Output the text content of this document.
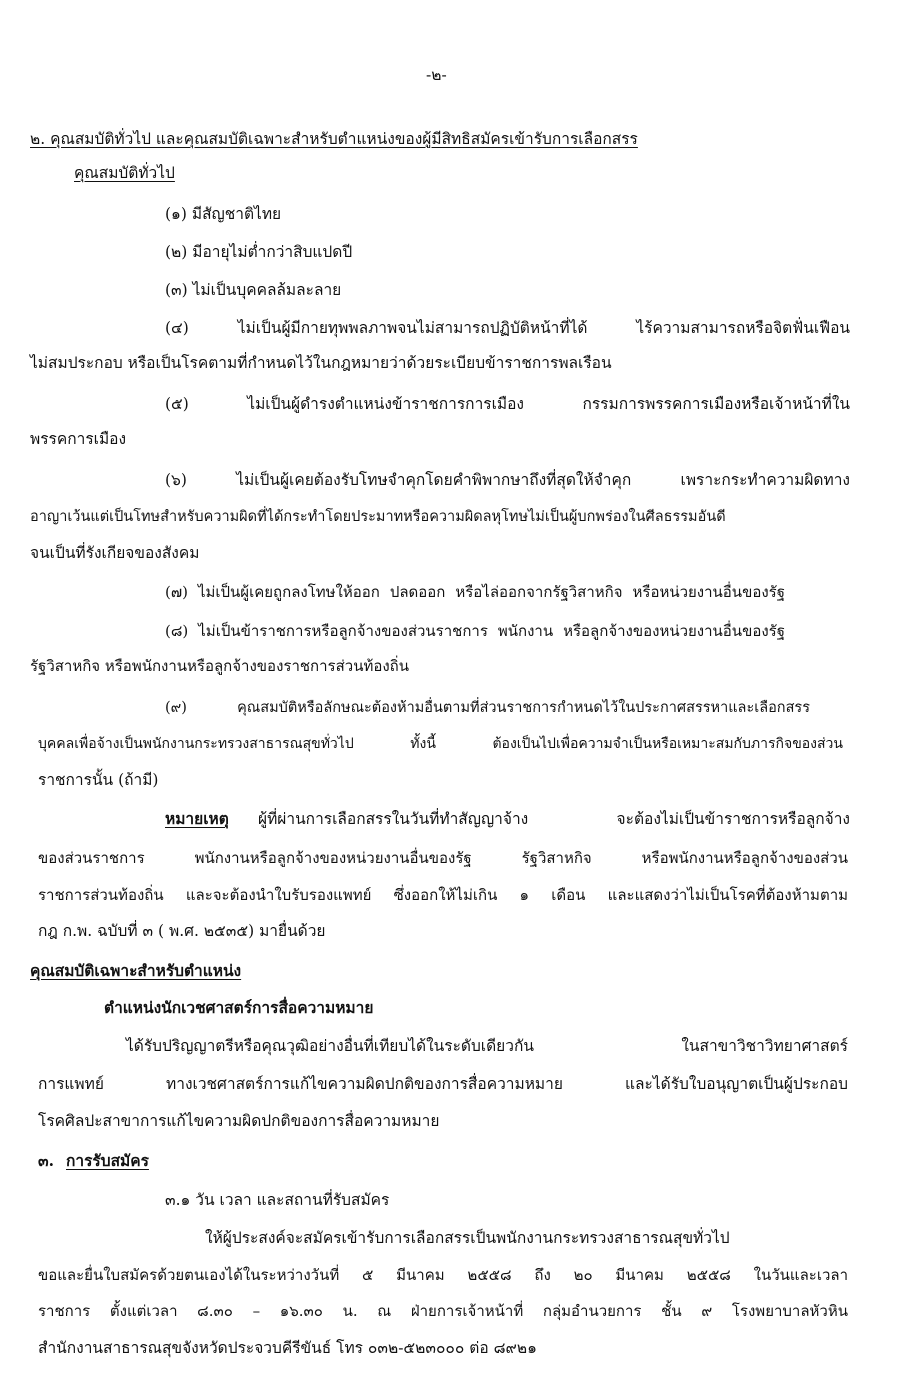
-๒-
๒. คุณสมบัติทั่วไป และคุณสมบัติเฉพาะสำหรับตำแหน่งของผู้มีสิทธิสมัครเข้ารับการเลือกสรร
คุณสมบัติทั่วไป
(๑) มีสัญชาติไทย
(๒) มีอายุไม่ต่ำกว่าสิบแปดปี
(๓) ไม่เป็นบุคคลล้มละลาย
(๔) ไม่เป็นผู้มีกายทุพพลภาพจนไม่สามารถปฏิบัติหน้าที่ได้ ไร้ความสามารถหรือจิตฟั่นเฟือน
ไม่สมประกอบ หรือเป็นโรคตามที่กำหนดไว้ในกฎหมายว่าด้วยระเบียบข้าราชการพลเรือน
(๕) ไม่เป็นผู้ดำรงตำแหน่งข้าราชการการเมือง กรรมการพรรคการเมืองหรือเจ้าหน้าที่ใน
พรรคการเมือง
(๖) ไม่เป็นผู้เคยต้องรับโทษจำคุกโดยคำพิพากษาถึงที่สุดให้จำคุก เพราะกระทำความผิดทาง
อาญาเว้นแต่เป็นโทษสำหรับความผิดที่ได้กระทำโดยประมาทหรือความผิดลหุโทษไม่เป็นผู้บกพร่องในศีลธรรมอันดี
จนเป็นที่รังเกียจของสังคม
(๗) ไม่เป็นผู้เคยถูกลงโทษให้ออก ปลดออก หรือไล่ออกจากรัฐวิสาหกิจ หรือหน่วยงานอื่นของรัฐ
(๘) ไม่เป็นข้าราชการหรือลูกจ้างของส่วนราชการ พนักงาน หรือลูกจ้างของหน่วยงานอื่นของรัฐ
รัฐวิสาหกิจ หรือพนักงานหรือลูกจ้างของราชการส่วนท้องถิ่น
(๙) คุณสมบัติหรือลักษณะต้องห้ามอื่นตามที่ส่วนราชการกำหนดไว้ในประกาศสรรหาและเลือกสรร
บุคคลเพื่อจ้างเป็นพนักงานกระทรวงสาธารณสุขทั่วไป ทั้งนี้ ต้องเป็นไปเพื่อความจำเป็นหรือเหมาะสมกับภารกิจของส่วน
ราชการนั้น (ถ้ามี)
หมายเหตุ ผู้ที่ผ่านการเลือกสรรในวันที่ทำสัญญาจ้าง จะต้องไม่เป็นข้าราชการหรือลูกจ้าง
ของส่วนราชการ พนักงานหรือลูกจ้างของหน่วยงานอื่นของรัฐ รัฐวิสาหกิจ หรือพนักงานหรือลูกจ้างของส่วน
ราชการส่วนท้องถิ่น และจะต้องนำใบรับรองแพทย์ ซึ่งออกให้ไม่เกิน ๑ เดือน และแสดงว่าไม่เป็นโรคที่ต้องห้ามตาม
กฎ ก.พ. ฉบับที่ ๓ ( พ.ศ. ๒๕๓๕) มายื่นด้วย
คุณสมบัติเฉพาะสำหรับตำแหน่ง
ตำแหน่งนักเวชศาสตร์การสื่อความหมาย
ได้รับปริญญาตรีหรือคุณวุฒิอย่างอื่นที่เทียบได้ในระดับเดียวกัน ในสาขาวิชาวิทยาศาสตร์
การแพทย์ ทางเวชศาสตร์การแก้ไขความผิดปกติของการสื่อความหมาย และได้รับใบอนุญาตเป็นผู้ประกอบ
โรคศิลปะสาขาการแก้ไขความผิดปกติของการสื่อความหมาย
๓. การรับสมัคร
๓.๑ วัน เวลา และสถานที่รับสมัคร
ให้ผู้ประสงค์จะสมัครเข้ารับการเลือกสรรเป็นพนักงานกระทรวงสาธารณสุขทั่วไป
ขอและยื่นใบสมัครด้วยตนเองได้ในระหว่างวันที่ ๕ มีนาคม ๒๕๕๘ ถึง ๒๐ มีนาคม ๒๕๕๘ ในวันและเวลา
ราชการ ตั้งแต่เวลา ๘.๓๐ – ๑๖.๓๐ น. ณ ฝ่ายการเจ้าหน้าที่ กลุ่มอำนวยการ ชั้น ๙ โรงพยาบาลหัวหิน
สำนักงานสาธารณสุขจังหวัดประจวบคีรีขันธ์ โทร ๐๓๒-๕๒๓๐๐๐ ต่อ ๘๙๒๑
